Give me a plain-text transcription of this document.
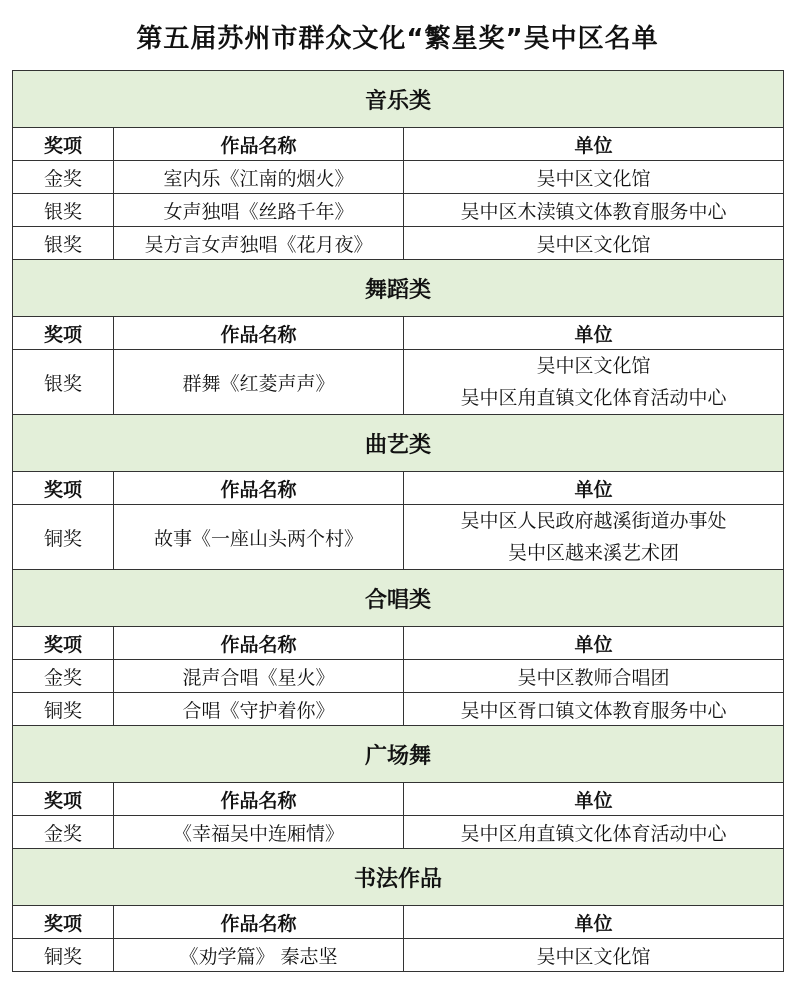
第五届苏州市群众文化“繁星奖”吴中区名单
音乐类		
奖项	作品名称	单位
金奖	室内乐《江南的烟火》	吴中区文化馆

银奖	女声独唱《丝路千年》	吴中区木渎镇文体教育服务中心

银奖	吴方言女声独唱《花月夜》	吴中区文化馆

舞蹈类		
奖项	作品名称	单位
银奖	群舞《红菱声声》	吴中区文化馆
吴中区甪直镇文化体育活动中心

曲艺类		
奖项	作品名称	单位
铜奖	故事《一座山头两个村》	吴中区人民政府越溪街道办事处
吴中区越来溪艺术团

合唱类		
奖项	作品名称	单位
金奖	混声合唱《星火》	吴中区教师合唱团

铜奖	合唱《守护着你》	吴中区胥口镇文体教育服务中心

广场舞		
奖项	作品名称	单位
金奖	《幸福吴中连厢情》	吴中区甪直镇文化体育活动中心

书法作品		
奖项	作品名称	单位
铜奖	《劝学篇》 秦志坚	吴中区文化馆
